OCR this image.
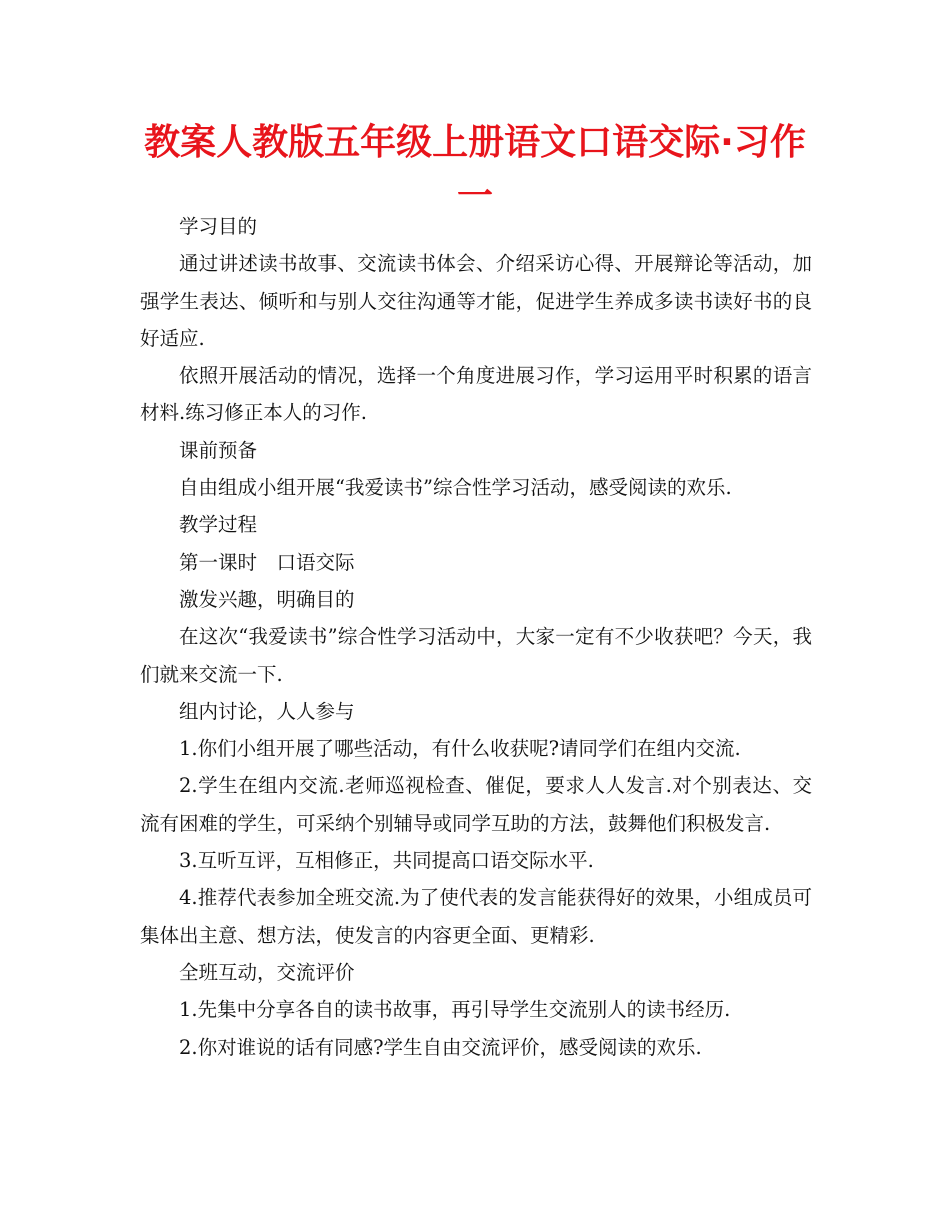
教案人教版五年级上册语文口语交际·习作一

学习目的

通过讲述读书故事、交流读书体会、介绍采访心得、开展辩论等活动，加强学生表达、倾听和与别人交往沟通等才能，促进学生养成多读书读好书的良好适应.

依照开展活动的情况，选择一个角度进展习作，学习运用平时积累的语言材料.练习修正本人的习作.

课前预备

自由组成小组开展“我爱读书”综合性学习活动，感受阅读的欢乐.

教学过程

第一课时　口语交际

激发兴趣，明确目的

在这次“我爱读书”综合性学习活动中，大家一定有不少收获吧？今天，我们就来交流一下.

组内讨论，人人参与

1.你们小组开展了哪些活动，有什么收获呢?请同学们在组内交流.

2.学生在组内交流.老师巡视检查、催促，要求人人发言.对个别表达、交流有困难的学生，可采纳个别辅导或同学互助的方法，鼓舞他们积极发言.

3.互听互评，互相修正，共同提高口语交际水平.

4.推荐代表参加全班交流.为了使代表的发言能获得好的效果，小组成员可集体出主意、想方法，使发言的内容更全面、更精彩.

全班互动，交流评价

1.先集中分享各自的读书故事，再引导学生交流别人的读书经历.

2.你对谁说的话有同感?学生自由交流评价，感受阅读的欢乐.
